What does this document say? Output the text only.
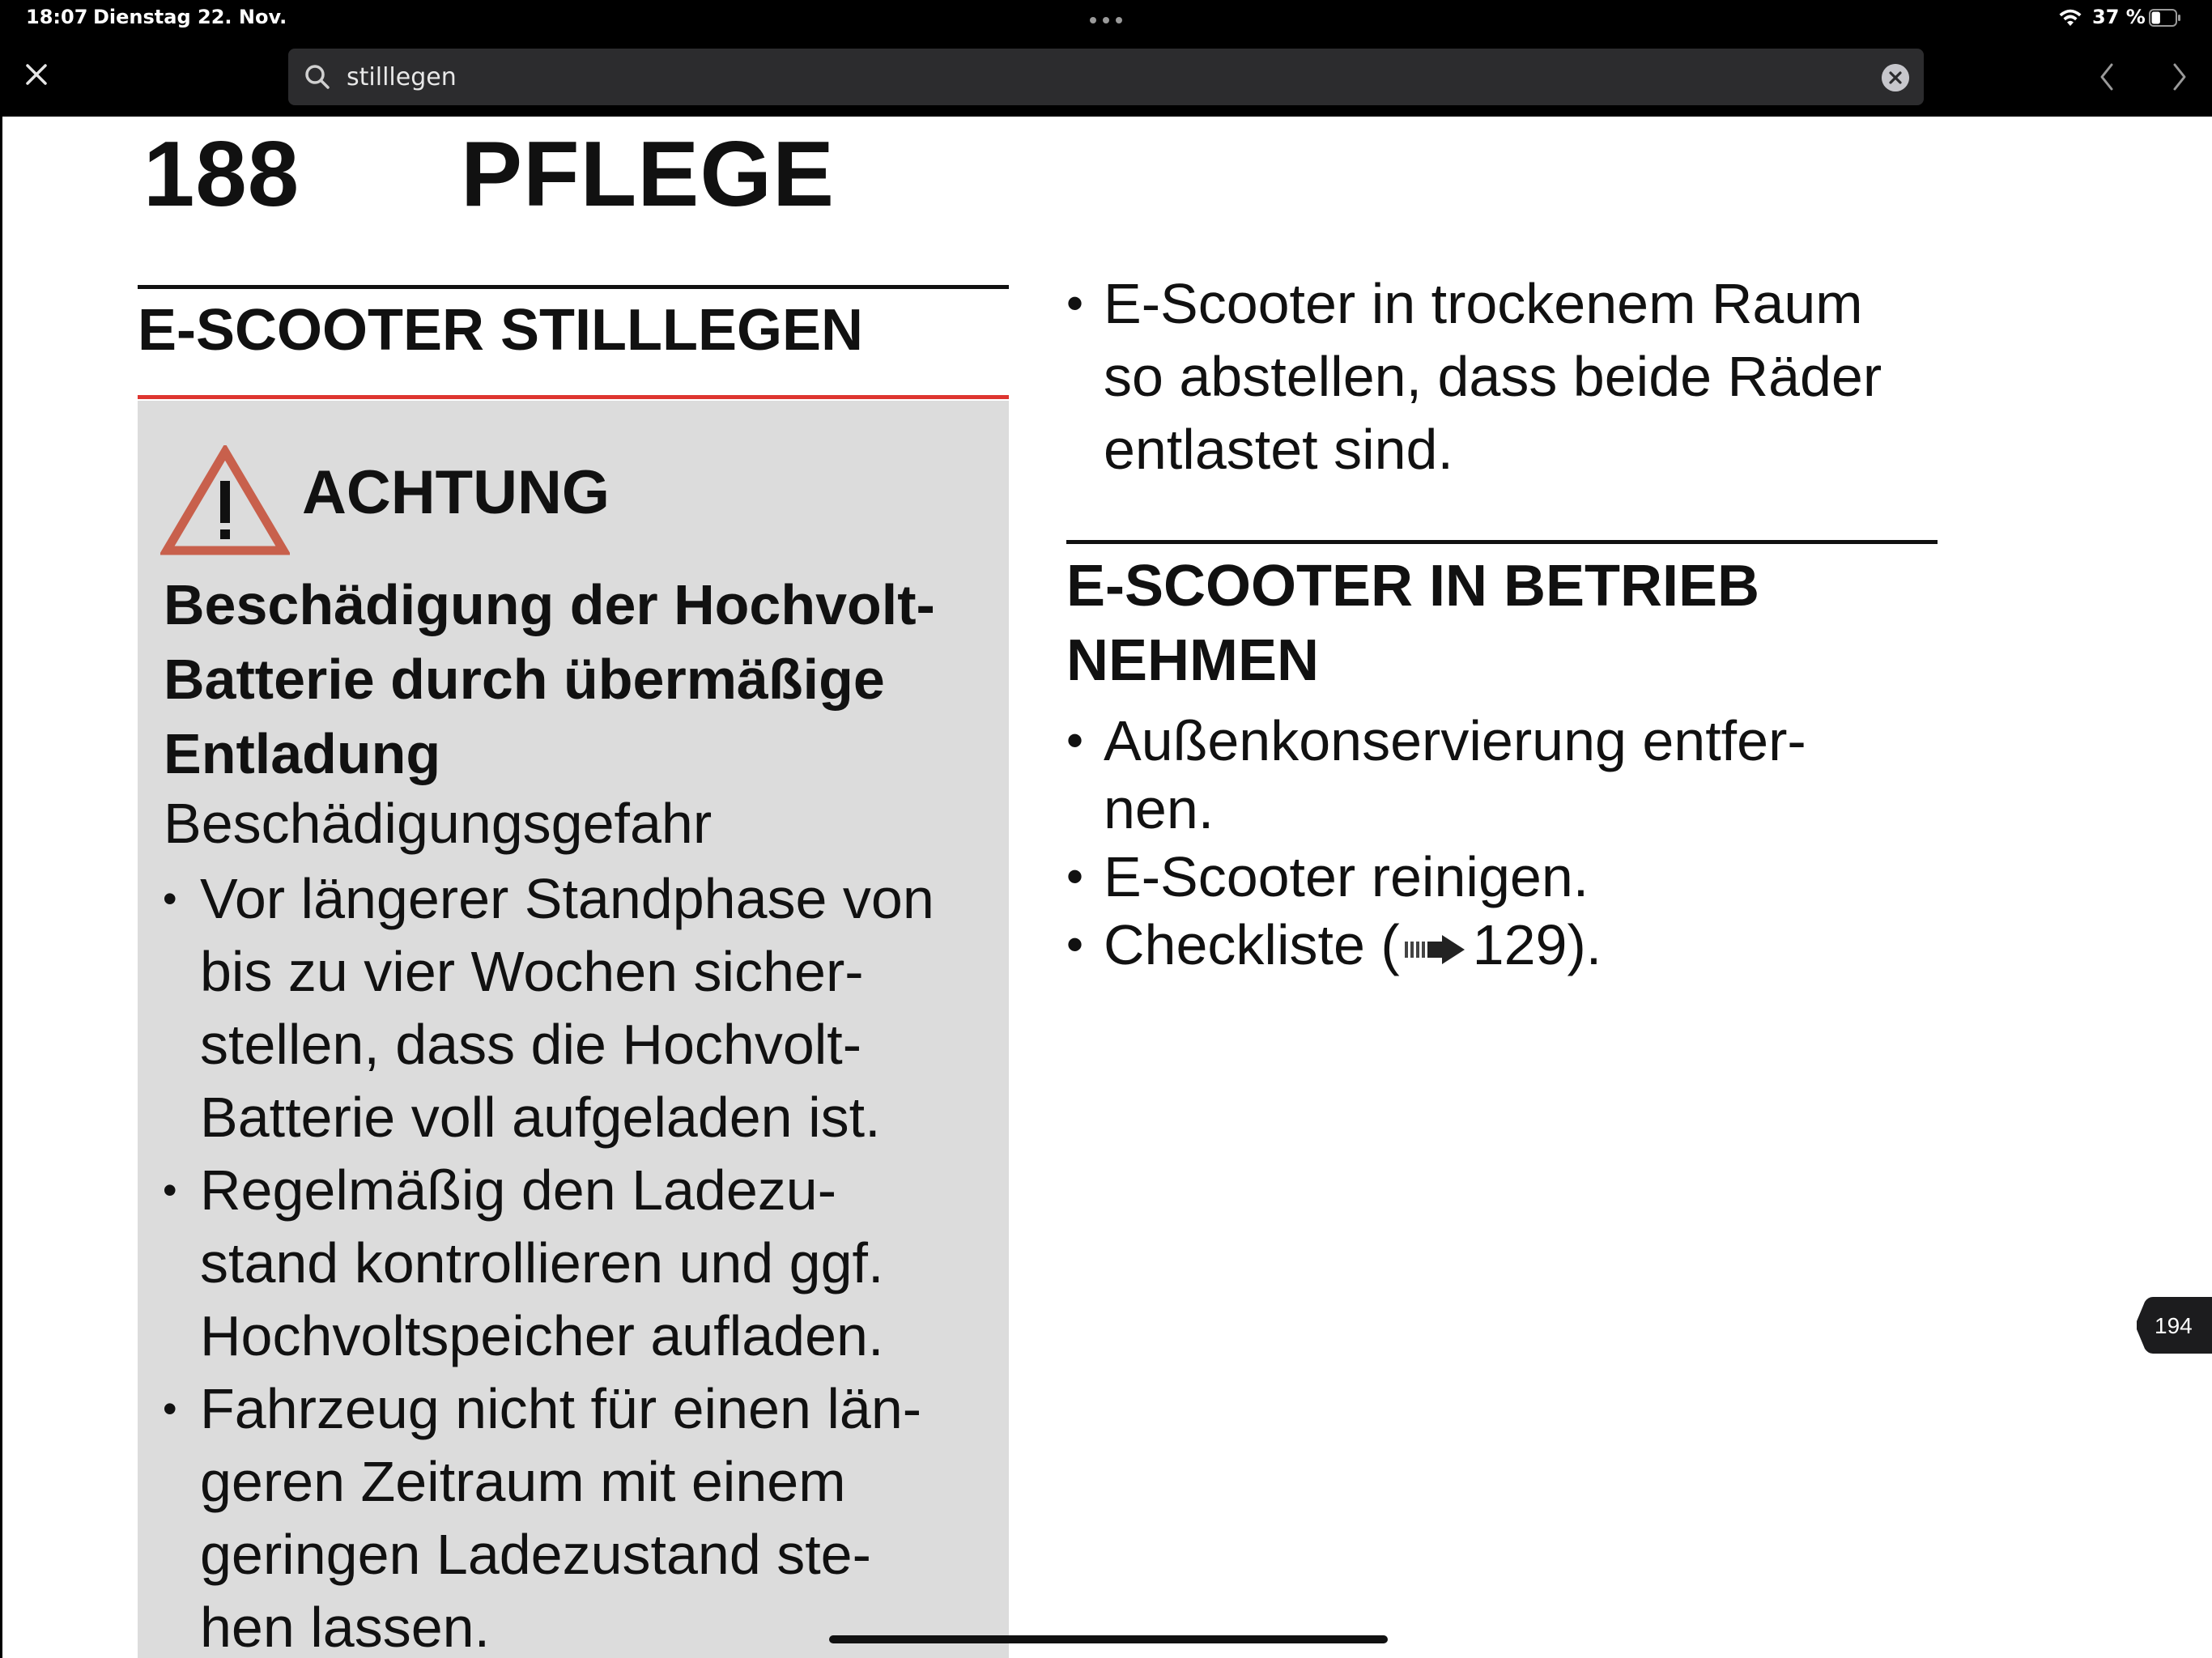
18:07 Dienstag 22. Nov.	37 %
stilllegen
188 PFLEGE
E-SCOOTER STILLLEGEN
ACHTUNG
Beschädigung der Hochvolt-
Batterie durch übermäßige
Entladung
Beschädigungsgefahr
• Vor längerer Standphase von
bis zu vier Wochen sicher-
stellen, dass die Hochvolt-
Batterie voll aufgeladen ist.
• Regelmäßig den Ladezu-
stand kontrollieren und ggf.
Hochvoltspeicher aufladen.
• Fahrzeug nicht für einen län-
geren Zeitraum mit einem
geringen Ladezustand ste-
hen lassen.
• E-Scooter in trockenem Raum
so abstellen, dass beide Räder
entlastet sind.
E-SCOOTER IN BETRIEB
NEHMEN
• Außenkonservierung entfer-
nen.
• E-Scooter reinigen.
• Checkliste ( 129).
194
